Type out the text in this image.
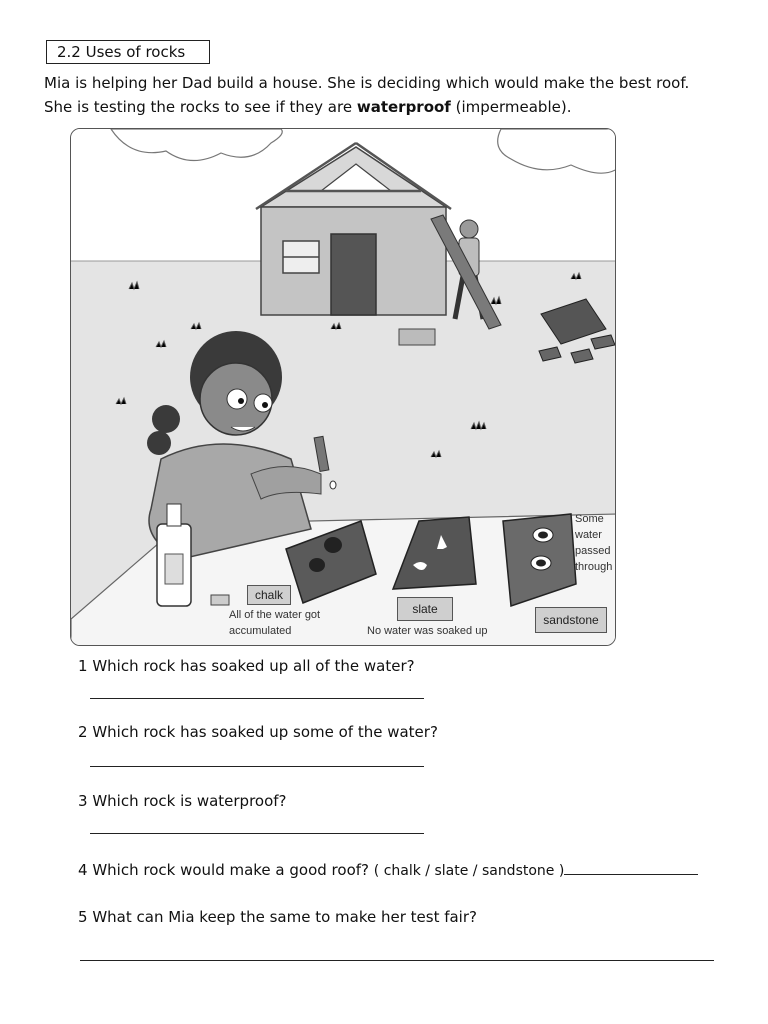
2.2 Uses of rocks
Mia is helping her Dad build a house. She is deciding which would make the best roof.
She is testing the rocks to see if they are waterproof (impermeable).
chalk
slate
sandstone
All of the water got
accumulated	No water was soaked up
Some
water
passed
through
1 Which rock has soaked up all of the water?
2 Which rock has soaked up some of the water?
3 Which rock is waterproof?
4 Which rock would make a good roof? ( chalk / slate / sandstone )
5 What can Mia keep the same to make her test fair?
